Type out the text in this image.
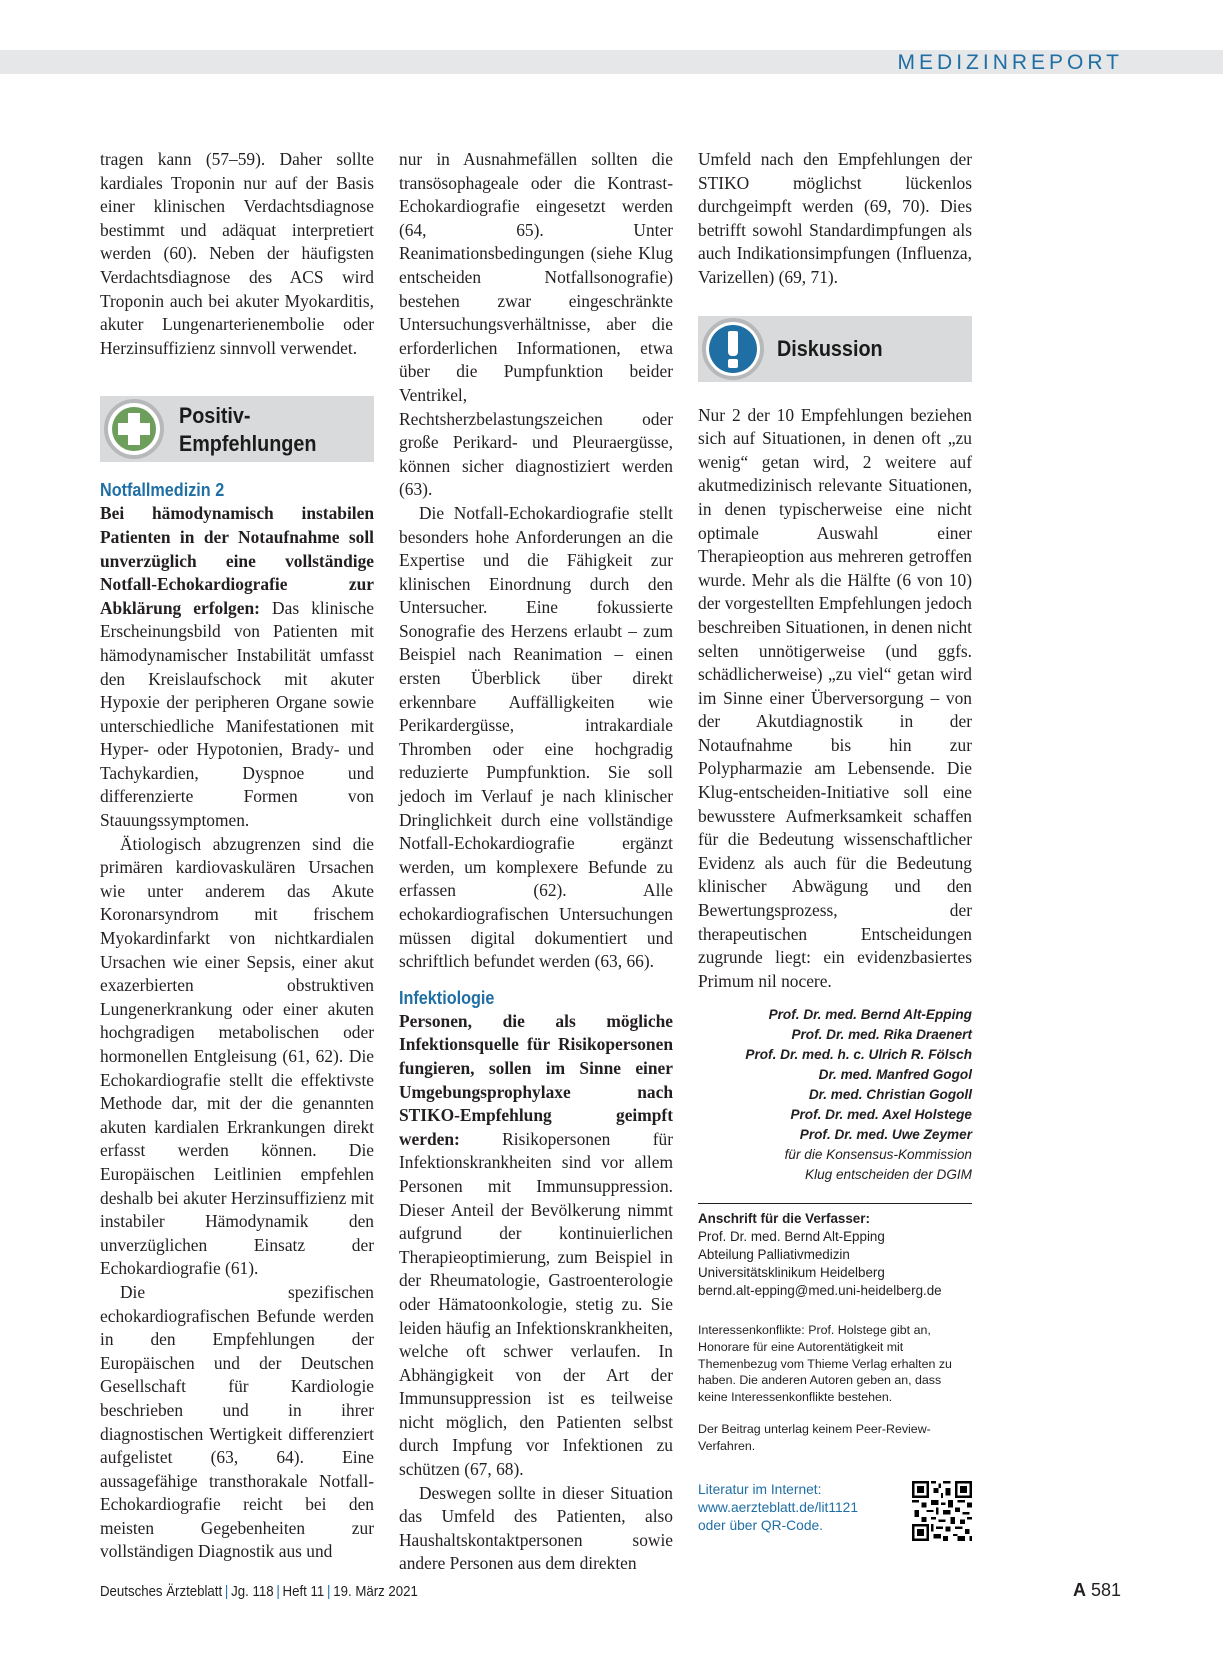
MEDIZINREPORT

tragen kann (57–59). Daher sollte kardiales Troponin nur auf der Basis einer klinischen Verdachtsdiagnose bestimmt und adäquat interpretiert werden (60). Neben der häufigsten Verdachtsdiagnose des ACS wird Troponin auch bei akuter Myokarditis, akuter Lungenarterienembolie oder Herzinsuffizienz sinnvoll verwendet.

Positiv-
Empfehlungen
Notfallmedizin 2

Bei hämodynamisch instabilen Patienten in der Notaufnahme soll unverzüglich eine vollständige Notfall-Echokardiografie zur Abklärung erfolgen: Das klinische Erscheinungsbild von Patienten mit hämodynamischer Instabilität umfasst den Kreislaufschock mit akuter Hypoxie der peripheren Organe sowie unterschiedliche Manifestationen mit Hyper- oder Hypotonien, Brady- und Tachykardien, Dyspnoe und differenzierte Formen von Stauungssymptomen.

Ätiologisch abzugrenzen sind die primären kardiovaskulären Ursachen wie unter anderem das Akute Koronarsyndrom mit frischem Myokardinfarkt von nichtkardialen Ursachen wie einer Sepsis, einer akut exazerbierten obstruktiven Lungenerkrankung oder einer akuten hochgradigen metabolischen oder hormonellen Entgleisung (61, 62). Die Echokardiografie stellt die effektivste Methode dar, mit der die genannten akuten kardialen Erkrankungen direkt erfasst werden können. Die Europäischen Leitlinien empfehlen deshalb bei akuter Herzinsuffizienz mit instabiler Hämodynamik den unverzüglichen Einsatz der Echokardiografie (61).

Die spezifischen echokardiografischen Befunde werden in den Empfehlungen der Europäischen und der Deutschen Gesellschaft für Kardiologie beschrieben und in ihrer diagnostischen Wertigkeit differenziert aufgelistet (63, 64). Eine aussagefähige transthorakale Notfall-Echokardiografie reicht bei den meisten Gegebenheiten zur vollständigen Diagnostik aus und

nur in Ausnahmefällen sollten die transösophageale oder die Kontrast-Echokardiografie eingesetzt werden (64, 65). Unter Reanimationsbedingungen (siehe Klug entscheiden Notfallsonografie) bestehen zwar eingeschränkte Untersuchungsverhältnisse, aber die erforderlichen Informationen, etwa über die Pumpfunktion beider Ventrikel, Rechtsherzbelastungszeichen oder große Perikard- und Pleuraergüsse, können sicher diagnostiziert werden (63).

Die Notfall-Echokardiografie stellt besonders hohe Anforderungen an die Expertise und die Fähigkeit zur klinischen Einordnung durch den Untersucher. Eine fokussierte Sonografie des Herzens erlaubt – zum Beispiel nach Reanimation – einen ersten Überblick über direkt erkennbare Auffälligkeiten wie Perikardergüsse, intrakardiale Thromben oder eine hochgradig reduzierte Pumpfunktion. Sie soll jedoch im Verlauf je nach klinischer Dringlichkeit durch eine vollständige Notfall-Echokardiografie ergänzt werden, um komplexere Befunde zu erfassen (62). Alle echokardiografischen Untersuchungen müssen digital dokumentiert und schriftlich befundet werden (63, 66).

Infektiologie

Personen, die als mögliche Infektionsquelle für Risikopersonen fungieren, sollen im Sinne einer Umgebungsprophylaxe nach STIKO-Empfehlung geimpft werden: Risikopersonen für Infektionskrankheiten sind vor allem Personen mit Immunsuppression. Dieser Anteil der Bevölkerung nimmt aufgrund der kontinuierlichen Therapieoptimierung, zum Beispiel in der Rheumatologie, Gastroenterologie oder Hämatoonkologie, stetig zu. Sie leiden häufig an Infektionskrankheiten, welche oft schwer verlaufen. In Abhängigkeit von der Art der Immunsuppression ist es teilweise nicht möglich, den Patienten selbst durch Impfung vor Infektionen zu schützen (67, 68).

Deswegen sollte in dieser Situation das Umfeld des Patienten, also Haushaltskontaktpersonen sowie andere Personen aus dem direkten

Umfeld nach den Empfehlungen der STIKO möglichst lückenlos durchgeimpft werden (69, 70). Dies betrifft sowohl Standardimpfungen als auch Indikationsimpfungen (Influenza, Varizellen) (69, 71).

Diskussion

Nur 2 der 10 Empfehlungen beziehen sich auf Situationen, in denen oft „zu wenig“ getan wird, 2 weitere auf akutmedizinisch relevante Situationen, in denen typischerweise eine nicht optimale Auswahl einer Therapieoption aus mehreren getroffen wurde. Mehr als die Hälfte (6 von 10) der vorgestellten Empfehlungen jedoch beschreiben Situationen, in denen nicht selten unnötigerweise (und ggfs. schädlicherweise) „zu viel“ getan wird im Sinne einer Überversorgung – von der Akutdiagnostik in der Notaufnahme bis hin zur Polypharmazie am Lebensende. Die Klug-entscheiden-Initiative soll eine bewusstere Aufmerksamkeit schaffen für die Bedeutung wissenschaftlicher Evidenz als auch für die Bedeutung klinischer Abwägung und den Bewertungsprozess, der therapeutischen Entscheidungen zugrunde liegt: ein evidenzbasiertes Primum nil nocere.

Prof. Dr. med. Bernd Alt-Epping
Prof. Dr. med. Rika Draenert
Prof. Dr. med. h. c. Ulrich R. Fölsch
Dr. med. Manfred Gogol
Dr. med. Christian Gogoll
Prof. Dr. med. Axel Holstege
Prof. Dr. med. Uwe Zeymer
für die Konsensus-Kommission
Klug entscheiden der DGIM
Anschrift für die Verfasser:
Prof. Dr. med. Bernd Alt-Epping
Abteilung Palliativmedizin
Universitätsklinikum Heidelberg
bernd.alt-epping@med.uni-heidelberg.de

Interessenkonflikte: Prof. Holstege gibt an, Honorare für eine Autorentätigkeit mit Themenbezug vom Thieme Verlag erhalten zu haben. Die anderen Autoren geben an, dass keine Interessenkonflikte bestehen.

Der Beitrag unterlag keinem Peer-Review-Verfahren.

Literatur im Internet:
www.aerzteblatt.de/lit1121
oder über QR-Code.
Deutsches Ärzteblatt | Jg. 118 | Heft 11 | 19. März 2021	A 581
